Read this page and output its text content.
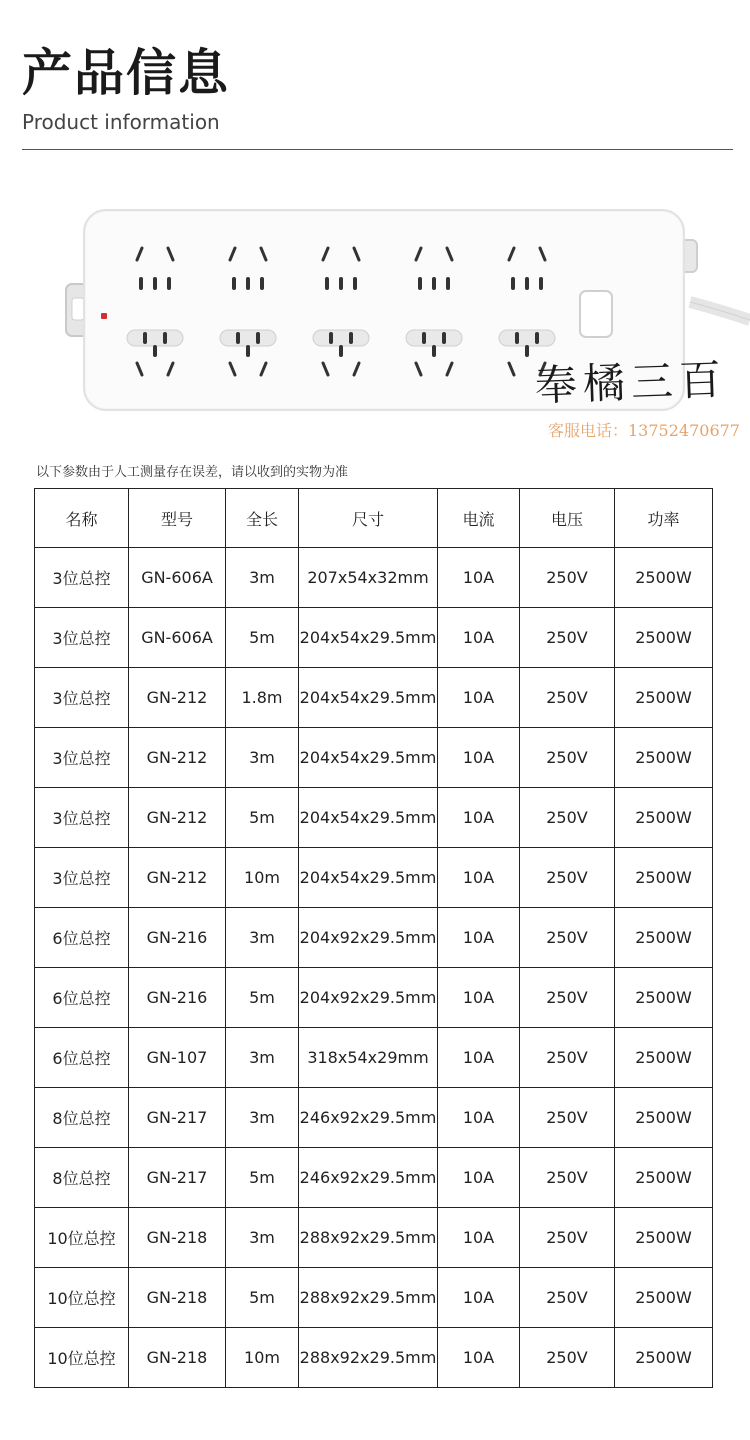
产品信息
Product information
奉橘三百
客服电话：13752470677
以下参数由于人工测量存在误差，请以收到的实物为准
名称	型号	全长	尺寸	电流	电压	功率
3位总控	GN-606A	3m	207x54x32mm	10A	250V	2500W
3位总控	GN-606A	5m	204x54x29.5mm	10A	250V	2500W
3位总控	GN-212	1.8m	204x54x29.5mm	10A	250V	2500W
3位总控	GN-212	3m	204x54x29.5mm	10A	250V	2500W
3位总控	GN-212	5m	204x54x29.5mm	10A	250V	2500W
3位总控	GN-212	10m	204x54x29.5mm	10A	250V	2500W
6位总控	GN-216	3m	204x92x29.5mm	10A	250V	2500W
6位总控	GN-216	5m	204x92x29.5mm	10A	250V	2500W
6位总控	GN-107	3m	318x54x29mm	10A	250V	2500W
8位总控	GN-217	3m	246x92x29.5mm	10A	250V	2500W
8位总控	GN-217	5m	246x92x29.5mm	10A	250V	2500W
10位总控	GN-218	3m	288x92x29.5mm	10A	250V	2500W
10位总控	GN-218	5m	288x92x29.5mm	10A	250V	2500W
10位总控	GN-218	10m	288x92x29.5mm	10A	250V	2500W
